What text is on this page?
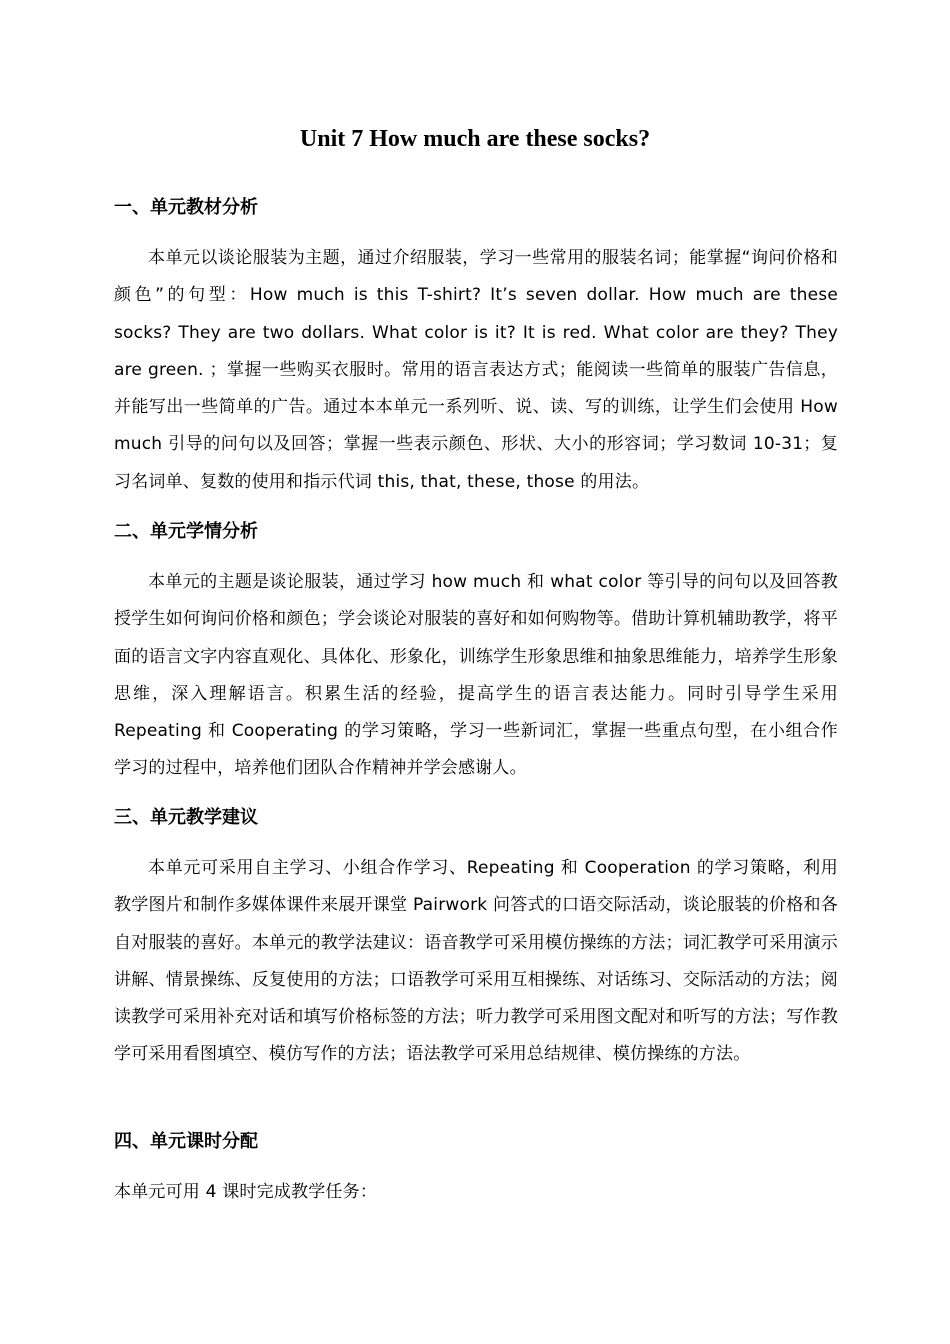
Unit 7 How much are these socks?
一、单元教材分析

本单元以谈论服装为主题，通过介绍服装，学习一些常用的服装名词；能掌握“询问价格和颜色”的句型：How much is this T-shirt? It’s seven dollar. How much are these socks? They are two dollars. What color is it? It is red. What color are they? They are green. ；掌握一些购买衣服时。常用的语言表达方式；能阅读一些简单的服装广告信息，并能写出一些简单的广告。通过本本单元一系列听、说、读、写的训练，让学生们会使用 How much 引导的问句以及回答；掌握一些表示颜色、形状、大小的形容词；学习数词 10-31；复习名词单、复数的使用和指示代词 this, that, these, those 的用法。

二、单元学情分析

本单元的主题是谈论服装，通过学习 how much 和 what color 等引导的问句以及回答教授学生如何询问价格和颜色；学会谈论对服装的喜好和如何购物等。借助计算机辅助教学，将平面的语言文字内容直观化、具体化、形象化，训练学生形象思维和抽象思维能力，培养学生形象思维，深入理解语言。积累生活的经验，提高学生的语言表达能力。同时引导学生采用 Repeating 和 Cooperating 的学习策略，学习一些新词汇，掌握一些重点句型，在小组合作学习的过程中，培养他们团队合作精神并学会感谢人。

三、单元教学建议

本单元可采用自主学习、小组合作学习、Repeating 和 Cooperation 的学习策略，利用教学图片和制作多媒体课件来展开课堂 Pairwork 问答式的口语交际活动，谈论服装的价格和各自对服装的喜好。本单元的教学法建议：语音教学可采用模仿操练的方法；词汇教学可采用演示讲解、情景操练、反复使用的方法；口语教学可采用互相操练、对话练习、交际活动的方法；阅读教学可采用补充对话和填写价格标签的方法；听力教学可采用图文配对和听写的方法；写作教学可采用看图填空、模仿写作的方法；语法教学可采用总结规律、模仿操练的方法。

四、单元课时分配

本单元可用 4 课时完成教学任务：
